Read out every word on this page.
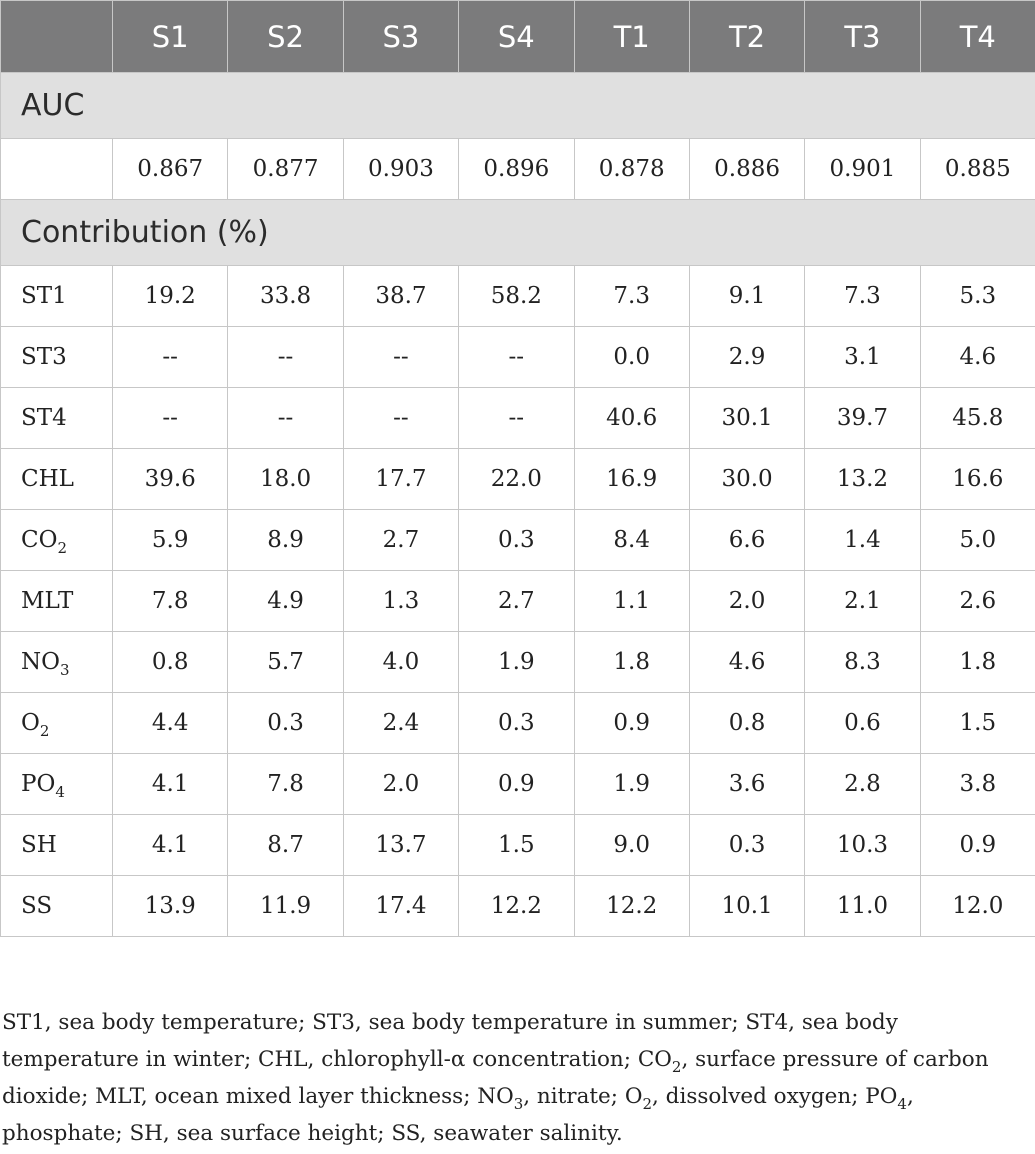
	S1	S2	S3	S4	T1	T2	T3	T4
AUC								
	0.867	0.877	0.903	0.896	0.878	0.886	0.901	0.885
Contribution (%)								
ST1	19.2	33.8	38.7	58.2	7.3	9.1	7.3	5.3
ST3	--	--	--	--	0.0	2.9	3.1	4.6
ST4	--	--	--	--	40.6	30.1	39.7	45.8
CHL	39.6	18.0	17.7	22.0	16.9	30.0	13.2	16.6
$CO_2$	5.9	8.9	2.7	0.3	8.4	6.6	1.4	5.0
MLT	7.8	4.9	1.3	2.7	1.1	2.0	2.1	2.6
$NO_3$	0.8	5.7	4.0	1.9	1.8	4.6	8.3	1.8
$O_2$	4.4	0.3	2.4	0.3	0.9	0.8	0.6	1.5
$PO_4$	4.1	7.8	2.0	0.9	1.9	3.6	2.8	3.8
SH	4.1	8.7	13.7	1.5	9.0	0.3	10.3	0.9
SS	13.9	11.9	17.4	12.2	12.2	10.1	11.0	12.0
ST1, sea body temperature; ST3, sea body temperature in summer; ST4, sea body temperature in winter; CHL, chlorophyll-α concentration; $CO_2$, surface pressure of carbon dioxide; MLT, ocean mixed layer thickness; $NO_3$, nitrate; $O_2$, dissolved oxygen; $PO_4$, phosphate; SH, sea surface height; SS, seawater salinity.
